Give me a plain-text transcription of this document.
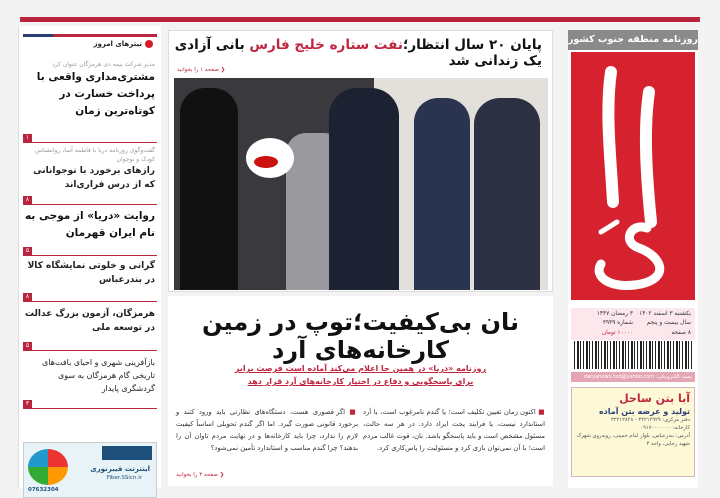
تیترهای امروز
مدیر شرکت بیمه دی هرمزگان عنوان کرد
مشتری‌مداری واقعی با پرداخت خسارت در کوتاه‌ترین زمان
۱
گفت‌و‌گوی روزنامه دریا با فاطمه آسا، روانشناس کودک و نوجوان
رازهای برخورد با نوجوانانی که از درس فراری‌اند
۸
روایت «دریا» از موجی به نام ایران قهرمان
۵
گرانی و خلوتی نمایشگاه کالا در بندرعباس
۸
هرمزگان، آزمون بزرگ عدالت در توسعه ملی
۵
بازآفرینی شهری و احیای بافت‌های تاریخی گام هرمزگان به سوی گردشگری پایدار
۳
اینترنت فیبرنوری
Fiber.SSicn.ir
07632304
پایان ۲۰ سال انتظار؛نفت ستاره خلیج فارس بانی آزادی یک زندانی شد
❮ صفحه ۱ را بخوانید
نان بی‌کیفیت؛توپ در زمین کارخانه‌های آرد
روزنامه «دریا» در همین جا اعلام می‌کند آماده است فرصت برابر برای پاسخگویی و دفاع در اختیار کارخانه‌های آرد قرار دهد
■ اکنون زمان تعیین تکلیف است؛ یا گندم نامرغوب است، یا آرد استاندارد نیست، یا فرایند پخت ایراد دارد. در هر سه حالت، مسئول مشخص است و باید پاسخگو باشد. نان، قوت غالب مردم است؛ با آن نمی‌توان بازی کرد و مسئولیت را پاس‌کاری کرد.
■ اگر قصوری هست، دستگاه‌های نظارتی باید ورود کنند و برخورد قانونی صورت گیرد. اما اگر گندم تحویلی اساساً کیفیت لازم را ندارد، چرا باید کارخانه‌ها و در نهایت مردم تاوان آن را بدهند؟ چرا گندم مناسب و استاندارد تأمین نمی‌شود؟
❮ صفحه ۳ را بخوانید
روزنامه منطقه جنوب کشور
یکشنبه ۳ اسفند ۱۴۰۲
۳ رمضان ۱۴۴۷
سال بیست و پنجم
شماره ۳۹۳۹
۸ صفحه
۱۰۰۰۰ تومان
پست الکترونیکی: daryanews.hsd@yahoo.com
آبا بتن ساحل
تولید و عرضه بتن آماده
دفتر مرکزی: ۳۲۲۱۲۹۲۹ - ۳۲۲۱۲۸۲۸
کارخانه: ۰۹۱۷۰۰۰۰۰۰۰
آدرس: بندرعباس، بلوار امام خمینی، روبه‌روی شهرک شهید رجایی، واحد ۴
